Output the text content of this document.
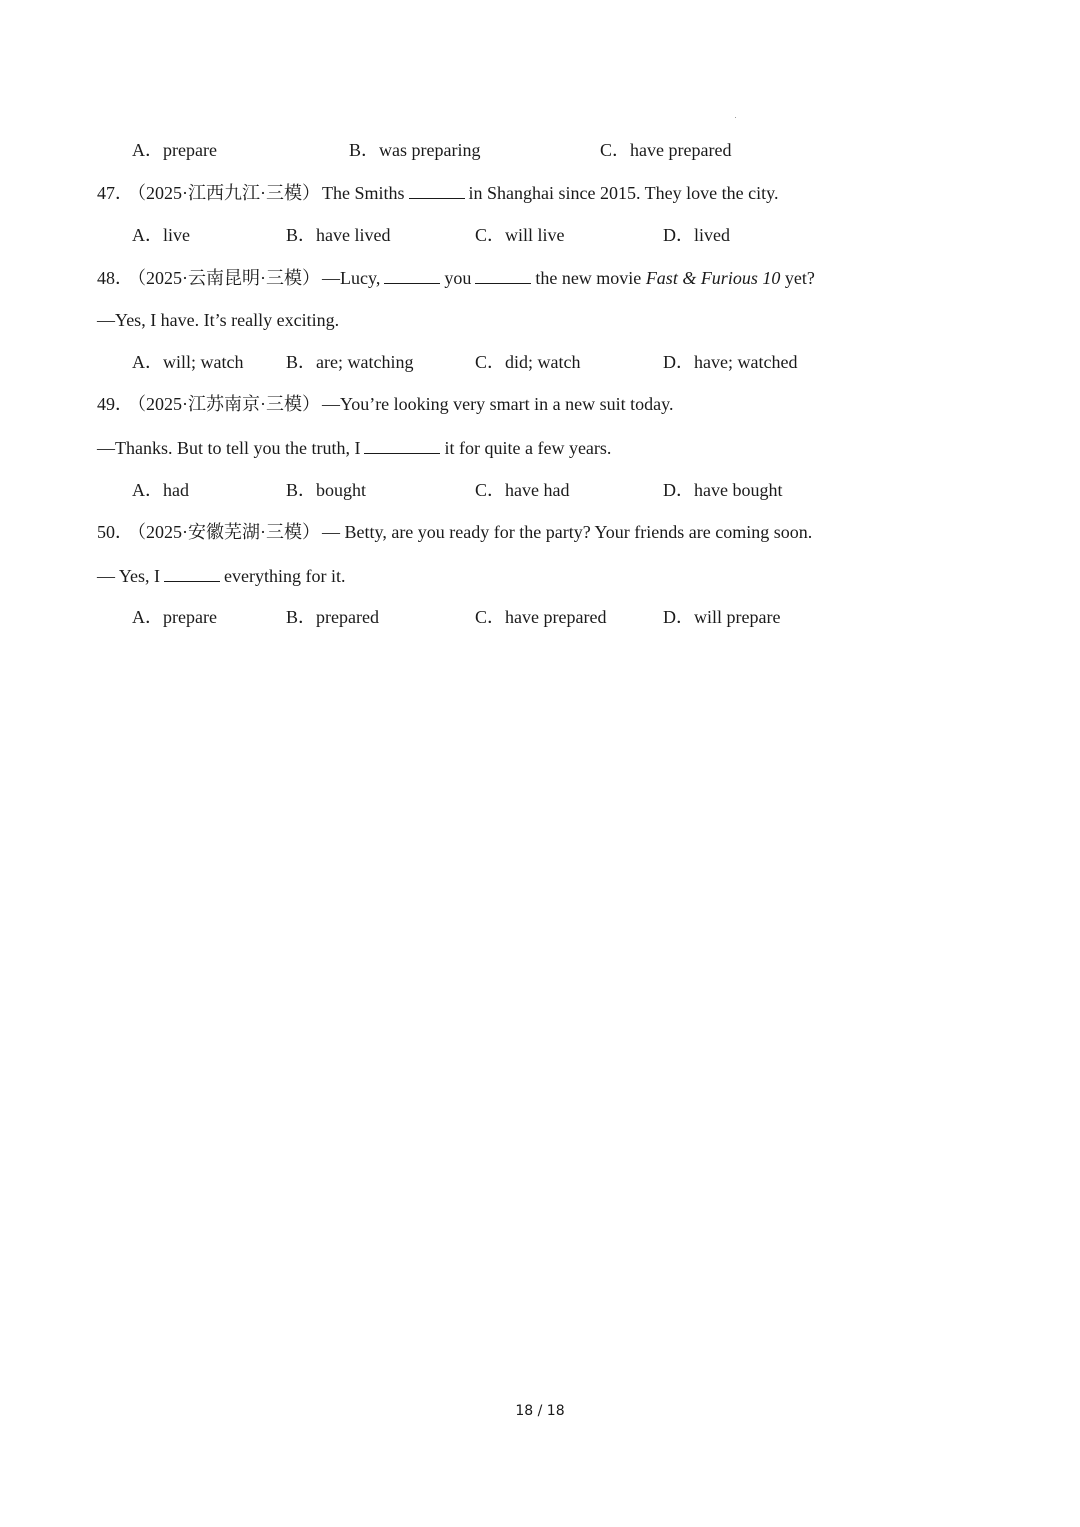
A．prepare	B．was preparing	C．have prepared
47． （2025·江西九江·三模） The Smiths	in Shanghai since 2015. They love the city.
A．live	B．have lived	C．will live	D．lived
48． （2025·云南昆明·三模） —Lucy,	you	the new movie Fast & Furious 10 yet?
—Yes, I have. It’s really exciting.
A．will; watch B．are; watching	C．did; watch	D．have; watched
49． （2025·江苏南京·三模） —You’re looking very smart in a new suit today.
—Thanks. But to tell you the truth, I	it for quite a few years.
A．had	B．bought	C．have had	D．have bought
50． （2025·安徽芜湖·三模） — Betty, are you ready for the party? Your friends are coming soon.
— Yes, I	everything for it.
A．prepare	B．prepared	C．have prepared	D．will prepare
18 / 18
